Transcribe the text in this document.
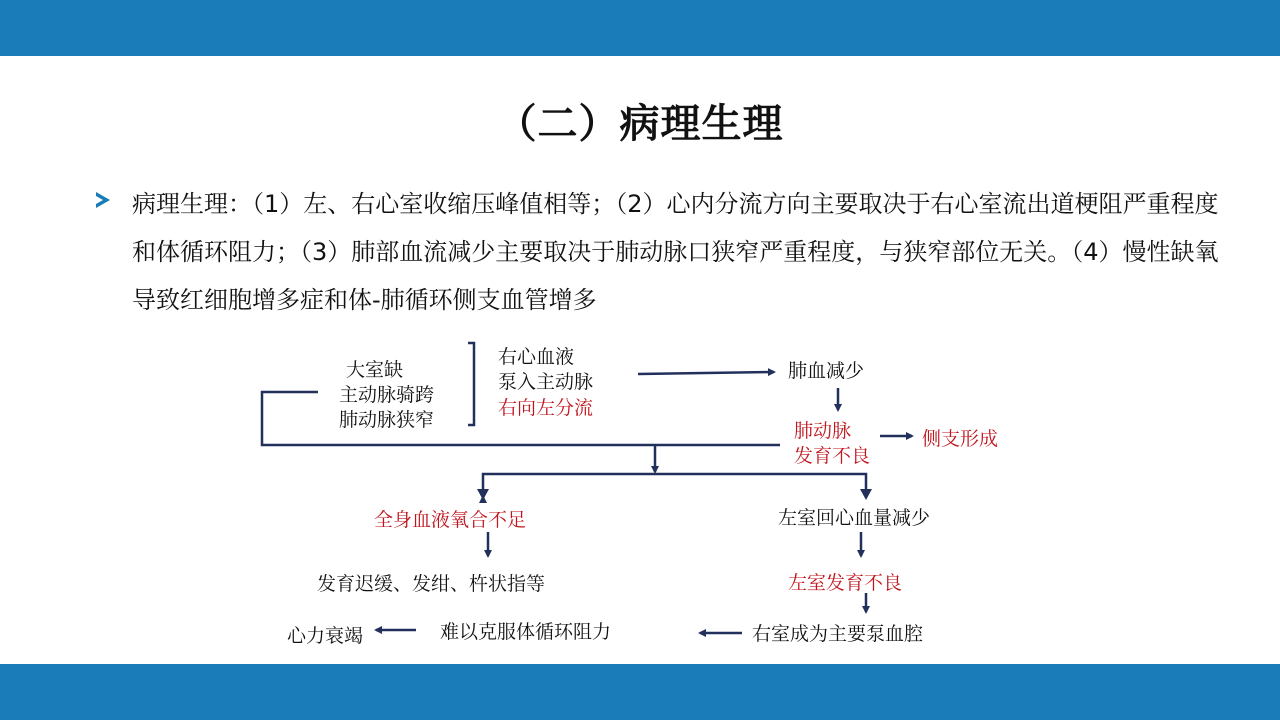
（二）病理生理
病理生理：（1）左、右心室收缩压峰值相等；（2）心内分流方向主要取决于右心室流出道梗阻严重程度和体循环阻力；（3）肺部血流减少主要取决于肺动脉口狭窄严重程度，与狭窄部位无关。（4）慢性缺氧导致红细胞增多症和体-肺循环侧支血管增多
大室缺
主动脉骑跨
肺动脉狭窄
右心血液
泵入主动脉
右向左分流
肺血减少
肺动脉
发育不良
侧支形成
全身血液氧合不足	左室回心血量减少
发育迟缓、发绀、杵状指等	左室发育不良
心力衰竭	难以克服体循环阻力	右室成为主要泵血腔
